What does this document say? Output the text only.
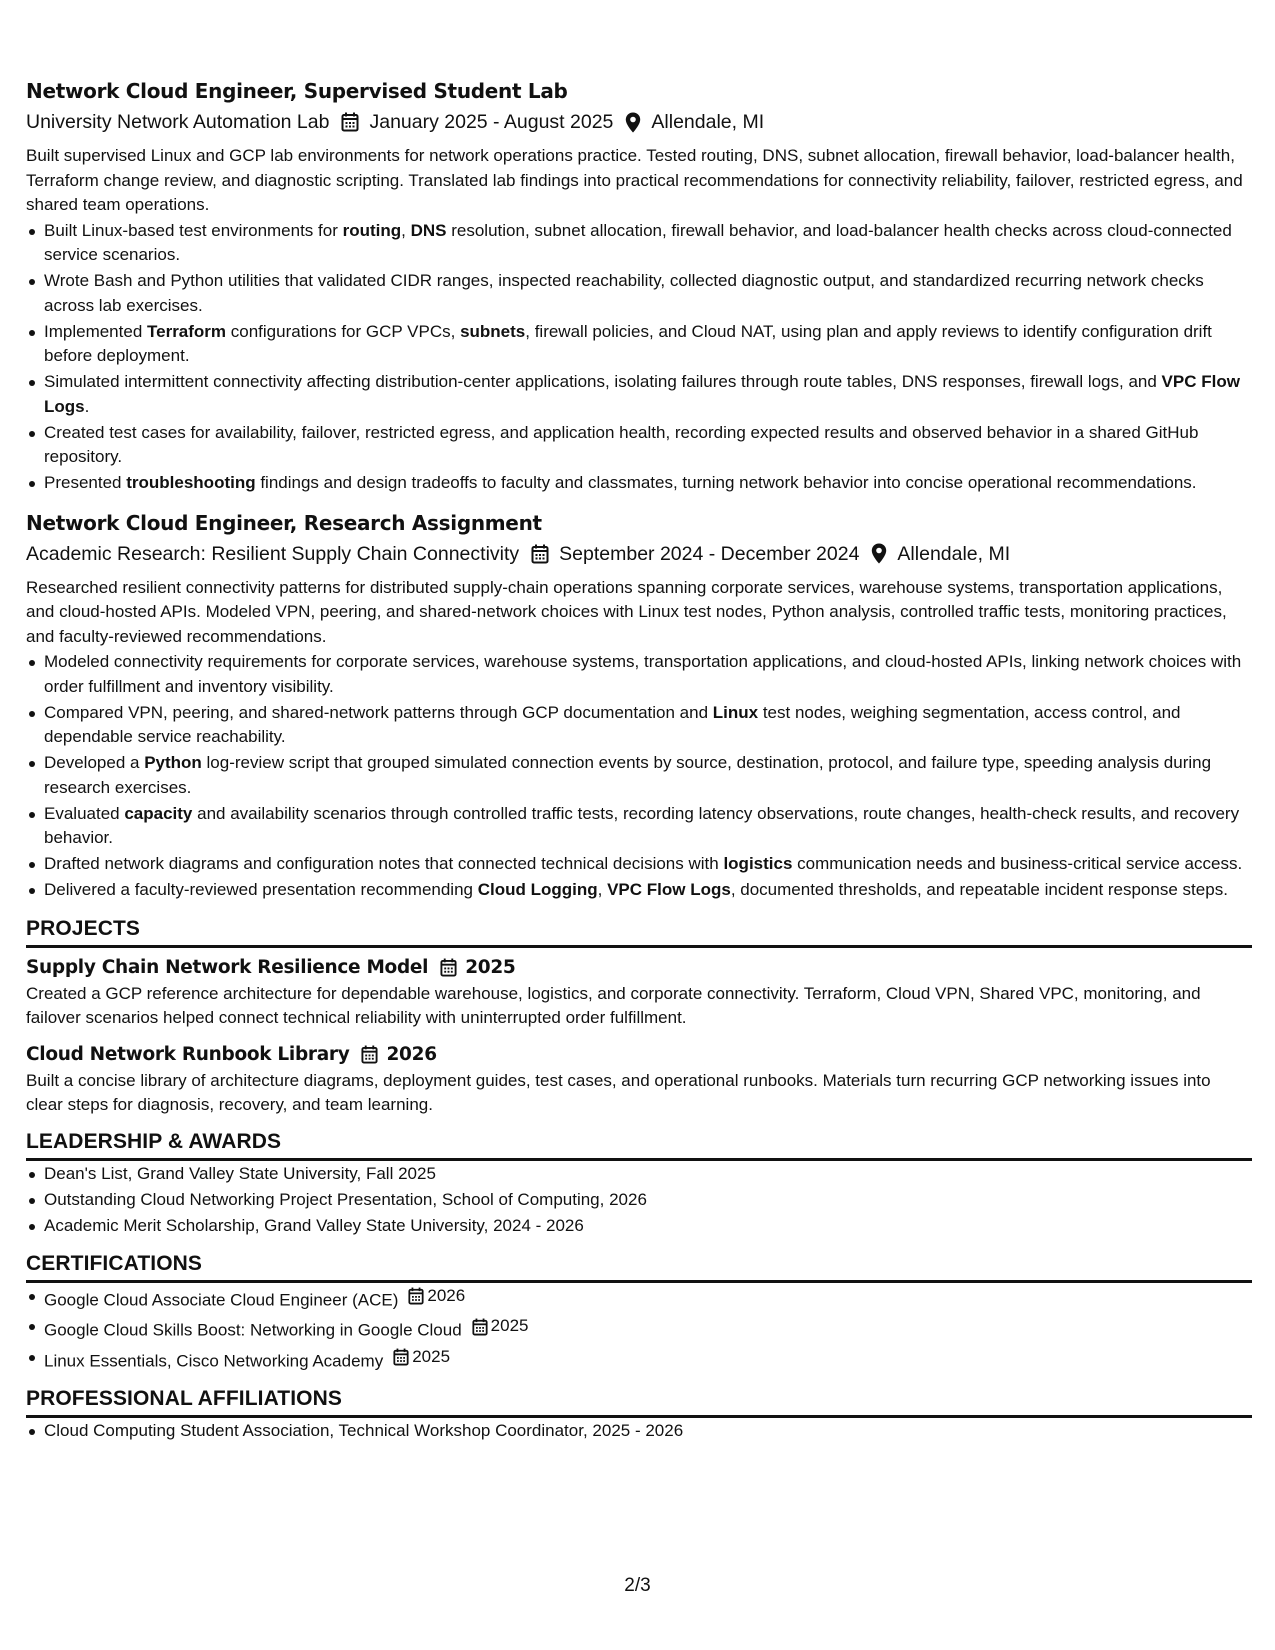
Network Cloud Engineer, Supervised Student Lab
University Network Automation Lab January 2025 - August 2025 Allendale, MI

Built supervised Linux and GCP lab environments for network operations practice. Tested routing, DNS, subnet allocation, firewall behavior, load-balancer health, Terraform change review, and diagnostic scripting. Translated lab findings into practical recommendations for connectivity reliability, failover, restricted egress, and shared team operations.

Built Linux-based test environments for routing, DNS resolution, subnet allocation, firewall behavior, and load-balancer health checks across cloud-connected service scenarios.
Wrote Bash and Python utilities that validated CIDR ranges, inspected reachability, collected diagnostic output, and standardized recurring network checks across lab exercises.
Implemented Terraform configurations for GCP VPCs, subnets, firewall policies, and Cloud NAT, using plan and apply reviews to identify configuration drift before deployment.
Simulated intermittent connectivity affecting distribution-center applications, isolating failures through route tables, DNS responses, firewall logs, and VPC Flow Logs.
Created test cases for availability, failover, restricted egress, and application health, recording expected results and observed behavior in a shared GitHub repository.
Presented troubleshooting findings and design tradeoffs to faculty and classmates, turning network behavior into concise operational recommendations.
Network Cloud Engineer, Research Assignment
Academic Research: Resilient Supply Chain Connectivity September 2024 - December 2024 Allendale, MI

Researched resilient connectivity patterns for distributed supply-chain operations spanning corporate services, warehouse systems, transportation applications, and cloud-hosted APIs. Modeled VPN, peering, and shared-network choices with Linux test nodes, Python analysis, controlled traffic tests, monitoring practices, and faculty-reviewed recommendations.

Modeled connectivity requirements for corporate services, warehouse systems, transportation applications, and cloud-hosted APIs, linking network choices with order fulfillment and inventory visibility.
Compared VPN, peering, and shared-network patterns through GCP documentation and Linux test nodes, weighing segmentation, access control, and dependable service reachability.
Developed a Python log-review script that grouped simulated connection events by source, destination, protocol, and failure type, speeding analysis during research exercises.
Evaluated capacity and availability scenarios through controlled traffic tests, recording latency observations, route changes, health-check results, and recovery behavior.
Drafted network diagrams and configuration notes that connected technical decisions with logistics communication needs and business-critical service access.
Delivered a faculty-reviewed presentation recommending Cloud Logging, VPC Flow Logs, documented thresholds, and repeatable incident response steps.
PROJECTS
Supply Chain Network Resilience Model 2025

Created a GCP reference architecture for dependable warehouse, logistics, and corporate connectivity. Terraform, Cloud VPN, Shared VPC, monitoring, and failover scenarios helped connect technical reliability with uninterrupted order fulfillment.

Cloud Network Runbook Library 2026

Built a concise library of architecture diagrams, deployment guides, test cases, and operational runbooks. Materials turn recurring GCP networking issues into clear steps for diagnosis, recovery, and team learning.

LEADERSHIP & AWARDS
Dean's List, Grand Valley State University, Fall 2025
Outstanding Cloud Networking Project Presentation, School of Computing, 2026
Academic Merit Scholarship, Grand Valley State University, 2024 - 2026
CERTIFICATIONS
Google Cloud Associate Cloud Engineer (ACE) 2026
Google Cloud Skills Boost: Networking in Google Cloud 2025
Linux Essentials, Cisco Networking Academy 2025
PROFESSIONAL AFFILIATIONS
Cloud Computing Student Association, Technical Workshop Coordinator, 2025 - 2026
2/3
